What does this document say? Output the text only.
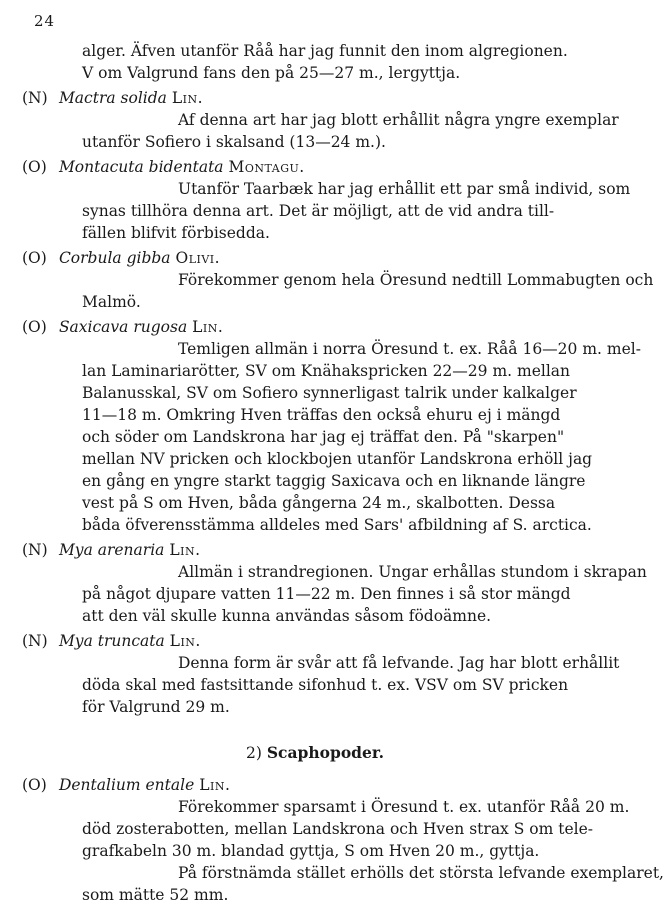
24
alger. Äfven utanför Råå har jag funnit den inom algregionen.
V om Valgrund fans den på 25—27 m., lergyttja.
(N) Mactra solida Lin.
Af denna art har jag blott erhållit några yngre exemplar
utanför Sofiero i skalsand (13—24 m.).
(O) Montacuta bidentata Montagu.
Utanför Taarbæk har jag erhållit ett par små individ, som
synas tillhöra denna art. Det är möjligt, att de vid andra till-
fällen blifvit förbisedda.
(O) Corbula gibba Olivi.
Förekommer genom hela Öresund nedtill Lommabugten och
Malmö.
(O) Saxicava rugosa Lin.
Temligen allmän i norra Öresund t. ex. Råå 16—20 m. mel-
lan Laminariarötter, SV om Knähakspricken 22—29 m. mellan
Balanusskal, SV om Sofiero synnerligast talrik under kalkalger
11—18 m. Omkring Hven träffas den också ehuru ej i mängd
och söder om Landskrona har jag ej träffat den. På "skarpen"
mellan NV pricken och klockbojen utanför Landskrona erhöll jag
en gång en yngre starkt taggig Saxicava och en liknande längre
vest på S om Hven, båda gångerna 24 m., skalbotten. Dessa
båda öfverensstämma alldeles med Sars' afbildning af S. arctica.
(N) Mya arenaria Lin.
Allmän i strandregionen. Ungar erhållas stundom i skrapan
på något djupare vatten 11—22 m. Den finnes i så stor mängd
att den väl skulle kunna användas såsom födoämne.
(N) Mya truncata Lin.
Denna form är svår att få lefvande. Jag har blott erhållit
döda skal med fastsittande sifonhud t. ex. VSV om SV pricken
för Valgrund 29 m.
2) Scaphopoder.
(O) Dentalium entale Lin.
Förekommer sparsamt i Öresund t. ex. utanför Råå 20 m.
död zosterabotten, mellan Landskrona och Hven strax S om tele-
grafkabeln 30 m. blandad gyttja, S om Hven 20 m., gyttja.
På förstnämda stället erhölls det största lefvande exemplaret,
som mätte 52 mm.
